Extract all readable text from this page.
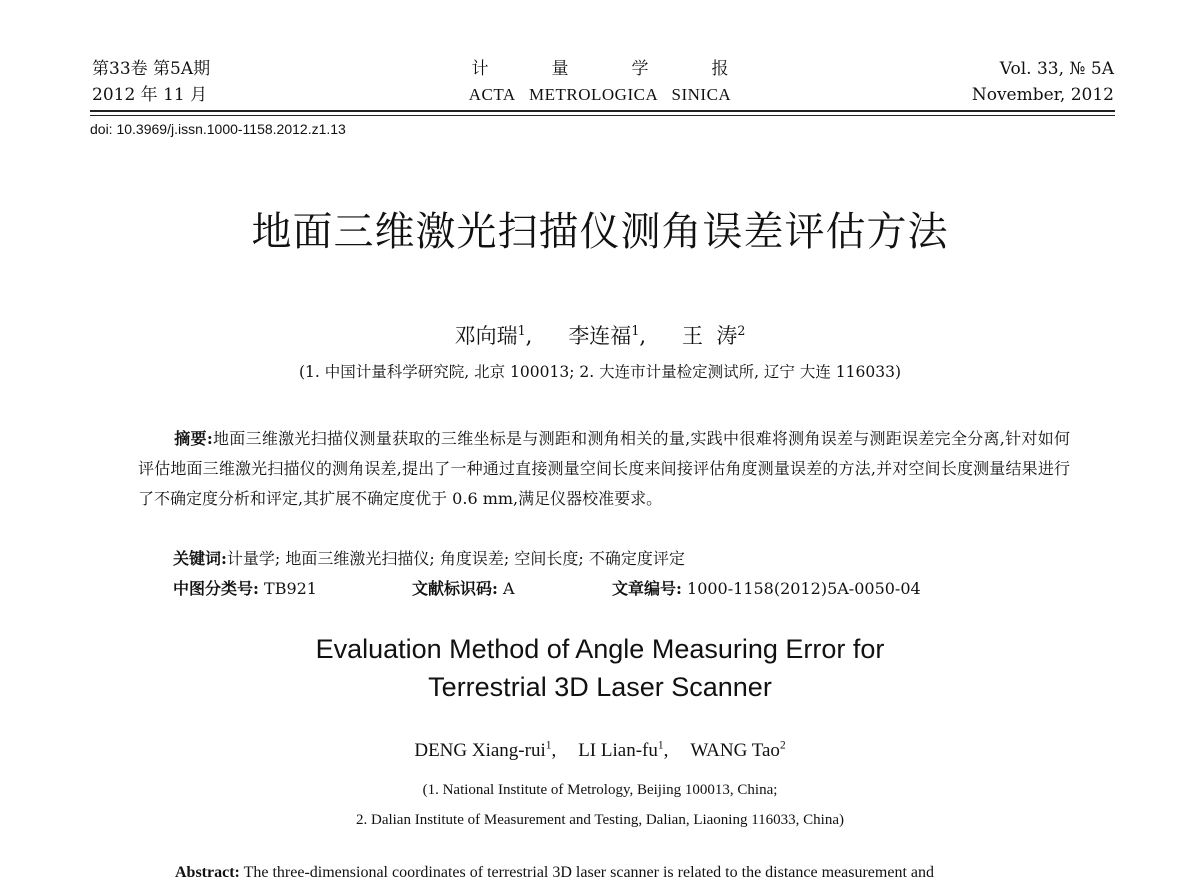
第33卷 第5A期
2012 年 11 月
计	量	学	报
ACTA   METROLOGICA   SINICA
Vol. 33, № 5A
November, 2012
doi: 10.3969/j.issn.1000-1158.2012.z1.13
地面三维激光扫描仪测角误差评估方法
邓向瑞$^1$, 李连福$^1$, 王  涛$^2$
(1. 中国计量科学研究院, 北京 100013; 2. 大连市计量检定测试所, 辽宁 大连 116033)
摘要:地面三维激光扫描仪测量获取的三维坐标是与测距和测角相关的量,实践中很难将测角误差与测距误差完全分离,针对如何评估地面三维激光扫描仪的测角误差,提出了一种通过直接测量空间长度来间接评估角度测量误差的方法,并对空间长度测量结果进行了不确定度分析和评定,其扩展不确定度优于 0.6 mm,满足仪器校准要求。
关键词:计量学; 地面三维激光扫描仪; 角度误差; 空间长度; 不确定度评定
中图分类号: TB921	文献标识码: A	文章编号: 1000-1158(2012)5A-0050-04
Evaluation Method of Angle Measuring Error for
Terrestrial 3D Laser Scanner
DENG Xiang-rui$^1$, LI Lian-$fu^1$, WANG Tao$^2$
(1. National Institute of Metrology, Beijing 100013, China;
2. Dalian Institute of Measurement and Testing, Dalian, Liaoning 116033, China)
Abstract: The three-dimensional coordinates of terrestrial 3D laser scanner is related to the distance measurement and
